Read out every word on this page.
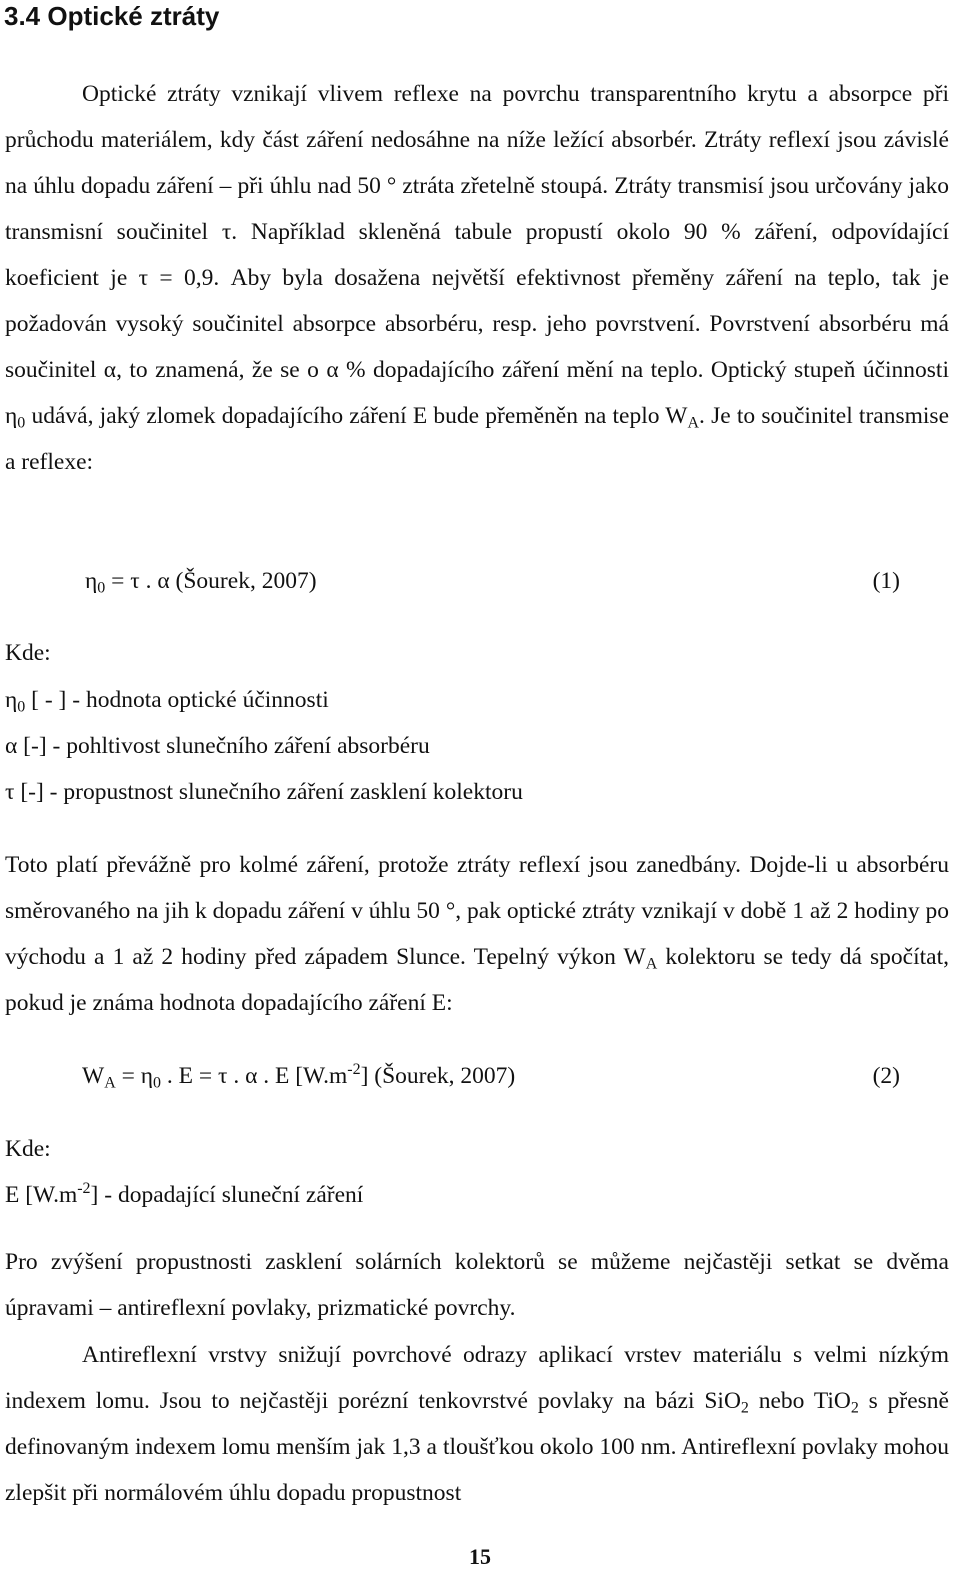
3.4 Optické ztráty

Optické ztráty vznikají vlivem reflexe na povrchu transparentního krytu a absorpce při průchodu materiálem, kdy část záření nedosáhne na níže ležící absorbér. Ztráty reflexí jsou závislé na úhlu dopadu záření – při úhlu nad 50 ° ztráta zřetelně stoupá. Ztráty transmisí jsou určovány jako transmisní součinitel τ. Například skleněná tabule propustí okolo 90 % záření, odpovídající koeficient je τ = 0,9. Aby byla dosažena největší efektivnost přeměny záření na teplo, tak je požadován vysoký součinitel absorpce absorbéru, resp. jeho povrstvení. Povrstvení absorbéru má součinitel α, to znamená, že se o α % dopadajícího záření mění na teplo. Optický stupeň účinnosti $\eta_0$ udává, jaký zlomek dopadajícího záření E bude přeměněn na teplo $W_A$. Je to součinitel transmise a reflexe:

$\eta_0 = \tau$ . α (Šourek, 2007)	(1)

Kde:

$\eta_0$ [ - ] - hodnota optické účinnosti

α [-] - pohltivost slunečního záření absorbéru

τ [-] - propustnost slunečního záření zasklení kolektoru

Toto platí převážně pro kolmé záření, protože ztráty reflexí jsou zanedbány. Dojde-li u absorbéru směrovaného na jih k dopadu záření v úhlu 50 °, pak optické ztráty vznikají v době 1 až 2 hodiny po východu a 1 až 2 hodiny před západem Slunce. Tepelný výkon $W_A$ kolektoru se tedy dá spočítat, pokud je známa hodnota dopadajícího záření E:

$W_A = \eta_0$ . E = τ . α . E $[W.m^{-2}]$ (Šourek, 2007)	(2)

Kde:

E $[W.m^{-2}]$ - dopadající sluneční záření

Pro zvýšení propustnosti zasklení solárních kolektorů se můžeme nejčastěji setkat se dvěma úpravami – antireflexní povlaky, prizmatické povrchy.

Antireflexní vrstvy snižují povrchové odrazy aplikací vrstev materiálu s velmi nízkým indexem lomu. Jsou to nejčastěji porézní tenkovrstvé povlaky na bázi SiO$_2$ nebo TiO$_2$ s přesně definovaným indexem lomu menším jak 1,3 a tloušťkou okolo 100 nm. Antireflexní povlaky mohou zlepšit při normálovém úhlu dopadu propustnost

15
